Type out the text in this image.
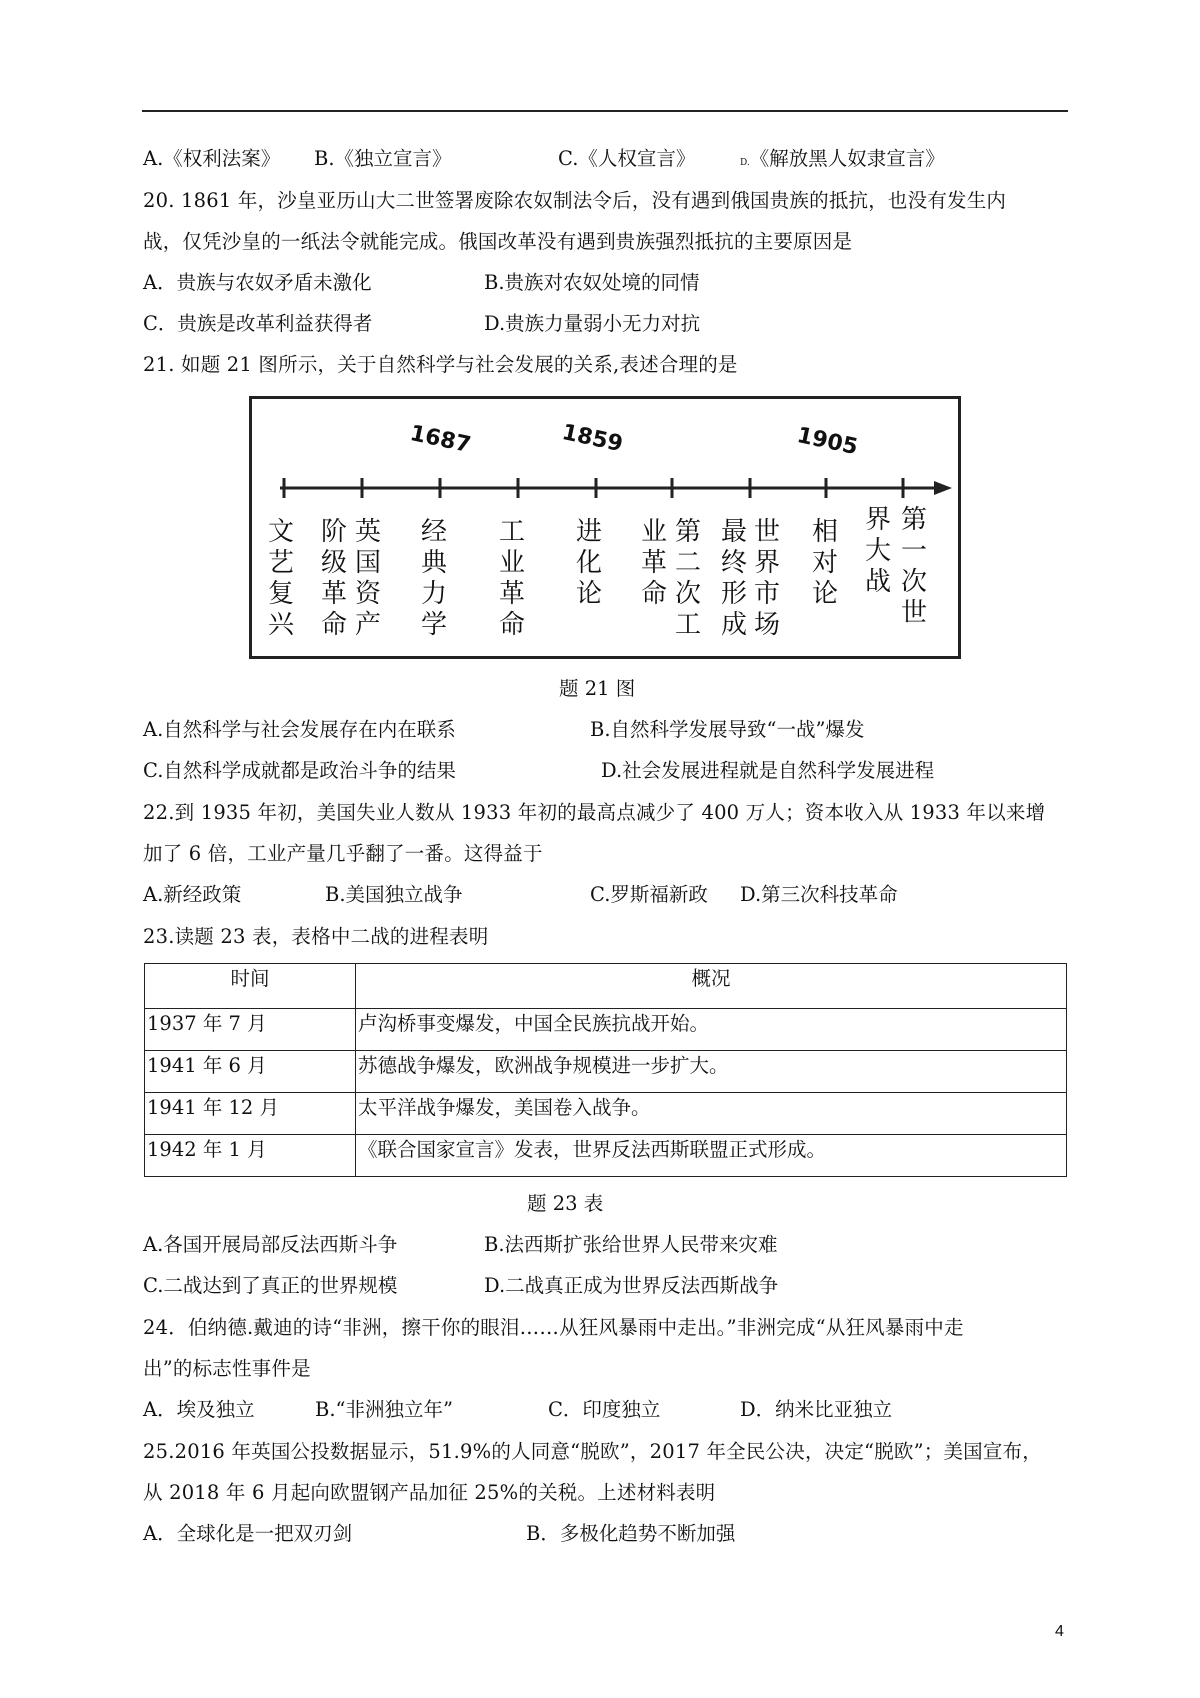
A.《权利法案》 B.《独立宣言》	C.《人权宣言》	D.《解放黑人奴隶宣言》
20. 1861 年，沙皇亚历山大二世签署废除农奴制法令后，没有遇到俄国贵族的抵抗，也没有发生内
战，仅凭沙皇的一纸法令就能完成。俄国改革没有遇到贵族强烈抵抗的主要原因是
A．贵族与农奴矛盾未激化	B.贵族对农奴处境的同情
C．贵族是改革利益获得者	D.贵族力量弱小无力对抗
21. 如题 21 图所示，关于自然科学与社会发展的关系,表述合理的是
1687	1859	1905
文艺复兴
阶级革命
英国资产
经典力学
工业革命
进化论
业革命
第二次工
最终形成
世界市场
相对论
界大战
第一次世
题 21 图
A.自然科学与社会发展存在内在联系	B.自然科学发展导致“一战”爆发
C.自然科学成就都是政治斗争的结果	D.社会发展进程就是自然科学发展进程
22.到 1935 年初，美国失业人数从 1933 年初的最高点减少了 400 万人；资本收入从 1933 年以来增
加了 6 倍，工业产量几乎翻了一番。这得益于
A.新经政策	B.美国独立战争	C.罗斯福新政 D.第三次科技革命
23.读题 23 表，表格中二战的进程表明
时间	概况
1937 年 7 月	卢沟桥事变爆发，中国全民族抗战开始。
1941 年 6 月	苏德战争爆发，欧洲战争规模进一步扩大。
1941 年 12 月	太平洋战争爆发，美国卷入战争。
1942 年 1 月	《联合国家宣言》发表，世界反法西斯联盟正式形成。
题 23 表
A.各国开展局部反法西斯斗争	B.法西斯扩张给世界人民带来灾难
C.二战达到了真正的世界规模	D.二战真正成为世界反法西斯战争
24．伯纳德.戴迪的诗“非洲，擦干你的眼泪……从狂风暴雨中走出。”非洲完成“从狂风暴雨中走
出”的标志性事件是
A．埃及独立	B.“非洲独立年”	C．印度独立	D．纳米比亚独立
25.2016 年英国公投数据显示，51.9%的人同意“脱欧”，2017 年全民公决，决定“脱欧”；美国宣布，
从 2018 年 6 月起向欧盟钢产品加征 25%的关税。上述材料表明
A．全球化是一把双刃剑	B．多极化趋势不断加强
4
